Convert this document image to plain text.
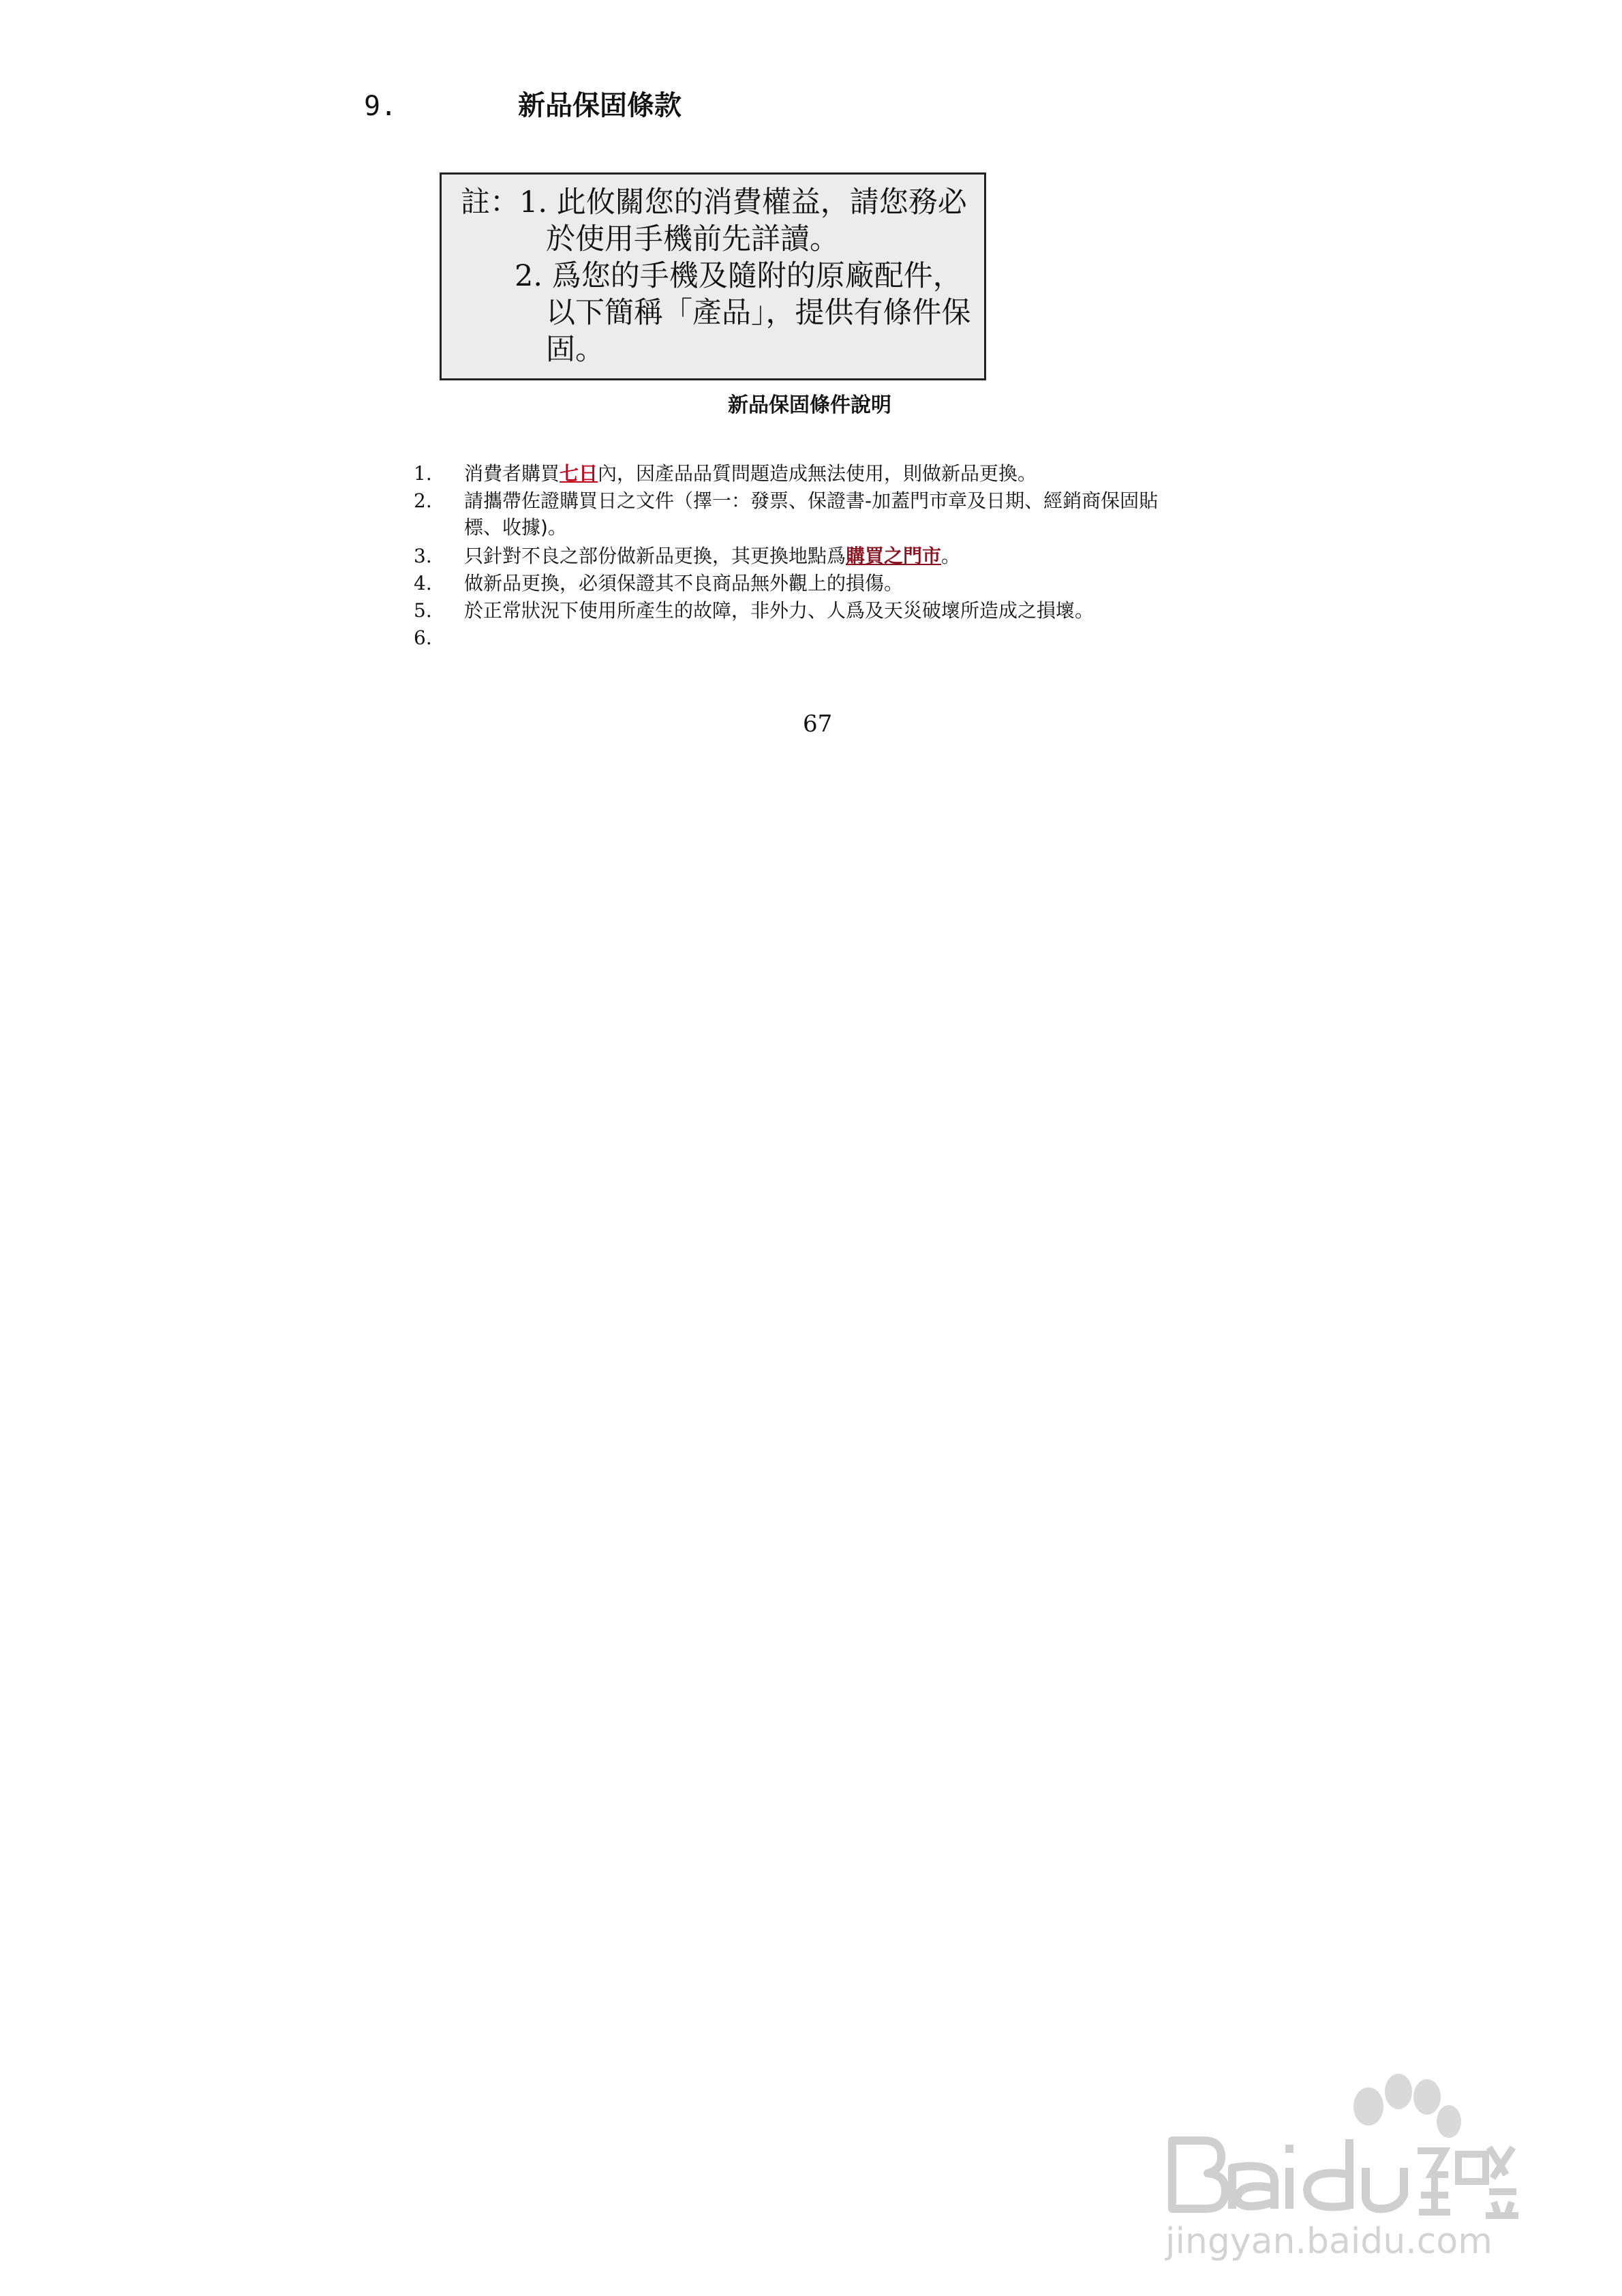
9.	新品保固條款
註：1. 此攸關您的消費權益，請您務必
於使用手機前先詳讀。
2. 爲您的手機及隨附的原廠配件，
以下簡稱「產品」，提供有條件保
固。
新品保固條件說明
1. 消費者購買七日內，因產品品質問題造成無法使用，則做新品更換。
2. 請攜帶佐證購買日之文件（擇一：發票、保證書-加蓋門市章及日期、經銷商保固貼
標、收據)。
3. 只針對不良之部份做新品更換，其更換地點爲購買之門市。
4. 做新品更換，必須保證其不良商品無外觀上的損傷。
5. 於正常狀況下使用所產生的故障，非外力、人爲及天災破壞所造成之損壞。
6.
67
jingyan.baidu.com
